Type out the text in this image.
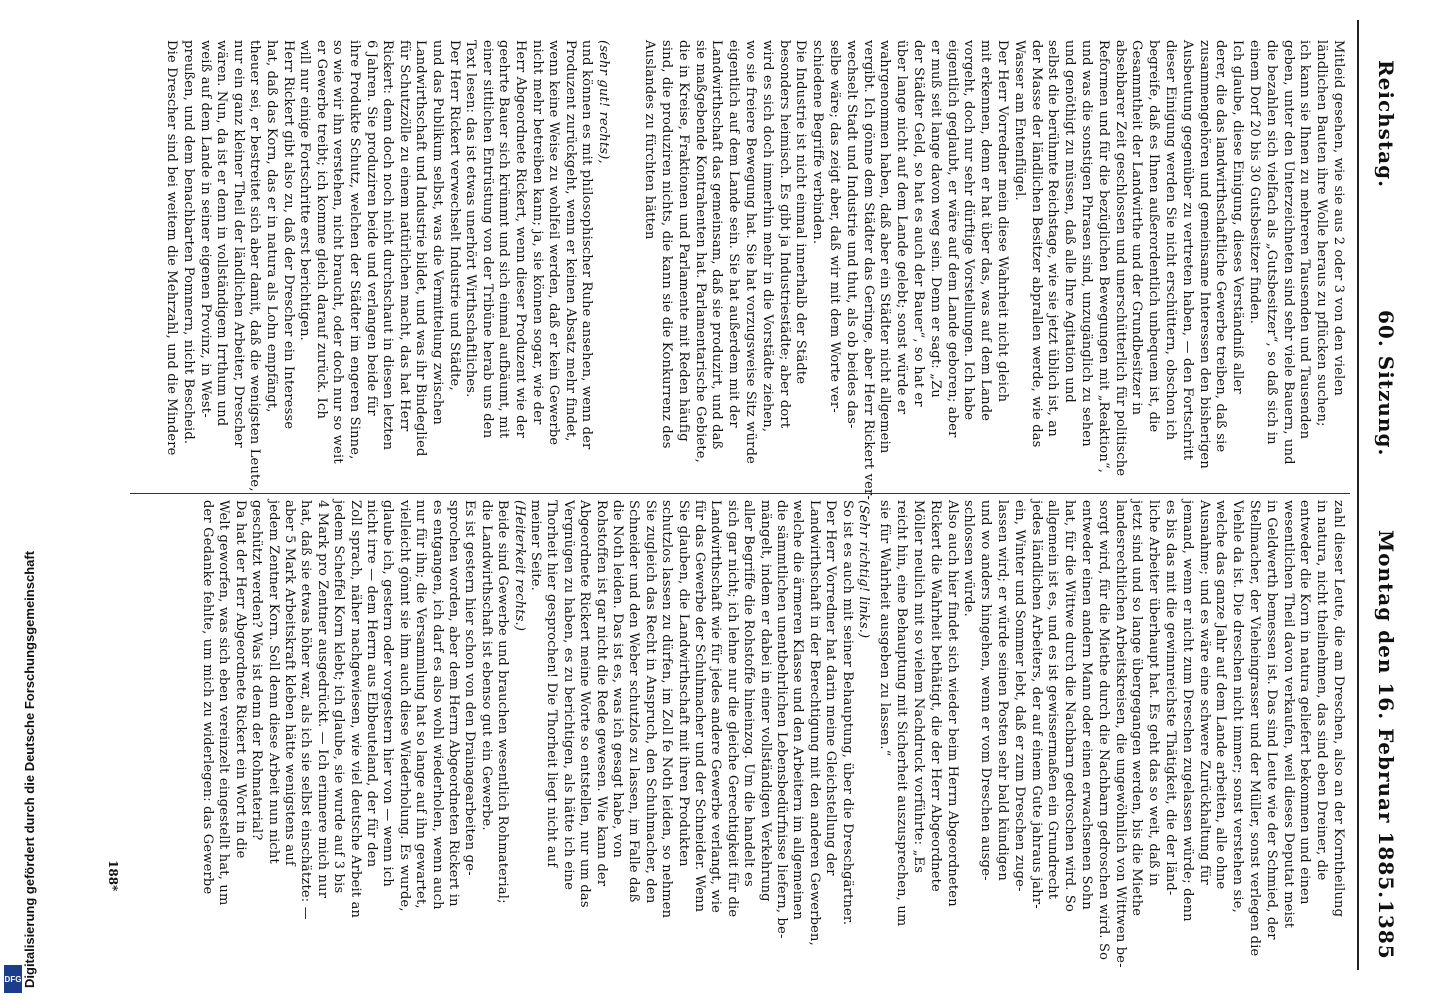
Reichstag.
60. Sitzung.
Montag den 16. Februar 1885.
1385
Mitleid gesehen, wie sie aus 2 oder 3 von den vielen
ländlichen Bauten ihre Wolle heraus zu pflücken suchen;
ich kann sie Ihnen zu mehreren Tausenden und Tausenden
geben, unter den Unterzeichneten sind sehr viele Bauern, und
die bezahlen sich vielfach als „Gutsbesitzer“, so daß sich in
einem Dorf 20 bis 30 Gutsbesitzer finden.
Ich glaube, diese Einigung, dieses Verständniß aller
derer, die das landwirthschaftliche Gewerbe treiben, daß sie
zusammengehören und gemeinsame Interessen den bisherigen
Ausbeutung gegenüber zu vertreten haben, — den Fortschritt
dieser Einigung werden Sie nicht erschüttern, obschon ich
begreife, daß es Ihnen außerordentlich unbequem ist, die
Gesammtheit der Landwirthe und der Grundbesitzer in
absehbarer Zeit geschlossen und unerschütterlich für politische
Reformen und für die bezüglichen Bewegungen mit „Reaktion“,
und was die sonstigen Phrasen sind, unzugänglich zu sehen
und genöthigt zu müssen, daß alle Ihre Agitation und
selbst die berühmte Reichstage, wie sie jetzt üblich ist, an
der Masse der ländlichen Besitzer abprallen werde, wie das
Wasser am Entenflügel.
Der Herr Vorredner mein diese Wahrheit nicht gleich
mit erkennen, denn er hat über das, was auf dem Lande
vorgeht, doch nur sehr dürftige Vorstellungen. Ich habe
eigentlich geglaubt, er wäre auf dem Lande geboren; aber
er muß seit lange davon weg sein. Denn er sagt: „Zu
der Städter Geld, so hat es auch der Bauer“, so hat er
über lange nicht auf dem Lande gelebt; sonst würde er
wahrgenommen haben, daß aber ein Städter nicht allgemein
vergibt. Ich gönne dem Städter das Geringe, aber Herr Rickert ver-
wechselt Stadt und Industrie und thut, als ob beides das-
selbe wäre; das zeigt aber, daß wir mit dem Worte ver-
schiedene Begriffe verbinden.
Die Industrie ist nicht einmal innerhalb der Städte
besonders heimisch. Es gibt ja Industriestädte; aber dort
wird es sich doch immerhin mehr in die Vorstädte ziehen,
wo sie freiere Bewegung hat. Sie hat vorzugsweise Sitz würde
eigentlich auf dem Lande sein. Sie hat außerdem mit der
Landwirthschaft das gemeinsam, daß sie produzirt, und daß
sie maßgebende Kontrahenten hat. Parlamentarische Gebiete,
die in Kreise, Fraktionen und Parlamente mit Reden häufig
sind, die produziren nichts, die kann sie die Konkurrenz des
Auslandes zu fürchten hätten
(sehr gut! rechts),
und können es mit philosophischer Ruhe ansehen, wenn der
Produzent zurückgeht, wenn er keinen Absatz mehr findet,
wenn keine Weise zu wohlfeil werden, daß er kein Gewerbe
nicht mehr betreiben kann; ja, sie können sogar, wie der
Herr Abgeordnete Rickert, wenn dieser Produzent wie der
geehrte Bauer sich krümmt und sich einmal aufbäumt, mit
einer sittlichen Entrüstung von der Tribüne herab uns den
Text lesen: das ist etwas unerhört Wirthschaftliches.
Der Herr Rickert verwechselt Industrie und Städte,
und das Publikum selbst, was die Vermittelung zwischen
Landwirthschaft und Industrie bildet, und was ihr Bindeglied
für Schutzzölle zu einem natürlichen macht, das hat Herr
Rickert: denn doch noch nicht durchschaut in diesen letzten
6 Jahren. Sie produziren beide und verlangen beide für
ihre Produkte Schutz, welchen der Städter im engeren Sinne,
so wie wir ihn verstehen, nicht braucht, oder doch nur so weit
er Gewerbe treibt; ich komme gleich darauf zurück. Ich
will nur einige Fortschritte erst berichtigen.
Herr Rickert gibt also zu, daß der Drescher ein Interesse
hat, daß das Korn, das er in natura als Lohn empfängt,
theuer sei, er bestreitet sich aber damit, daß die wenigsten Leute,
nur ein ganz kleiner Theil der ländlichen Arbeiter, Drescher
wären. Nun, da ist er denn in vollständigem Irrthum und
weiß auf dem Lande in seiner eigenen Provinz, in West-
preußen, und dem benachbarten Pommern, nicht Bescheid.
Die Drescher sind bei weitem die Mehrzahl, und die Mindere
zahl dieser Leute, die am Dreschen, also an der Korntheilung
in natura, nicht theilnehmen, das sind eben Dreiner, die
entweder die Korn in natura geliefert bekommen und einen
wesentlichen Theil davon verkaufen, weil dieses Deputat meist
in Geldwerth bemessen ist. Das sind Leute wie der Schmied, der
Stellmacher, der Vieheingrasser und der Müller, sonst verlegen die
Viehle da ist. Die dreschen nicht immer; sonst verstehen sie,
welche das ganze Jahr auf dem Lande arbeiten, alle ohne
Ausnahme; und es wäre eine schwere Zurückhaltung für
jemand, wenn er nicht zum Dreschen zugelassen würde; denn
es bis das mit die gewinnreichste Thätigkeit, die der länd-
liche Arbeiter überhaupt hat. Es geht das so weit, daß in
jetzt sind und so lange übergegangen werden, bis die Miethe
landesrechtlichen Arbeitskreisen, die ungewöhnlich von Wittwen be-
sorgt wird, für die Miethe durch die Nachbarn gedroschen wird. So
entweder einen andern Mann oder einen erwachsenen Sohn
hat, für die Wittwe durch die Nachbarn gedroschen wird. So
allgemein ist es, und es ist gewissermaßen ein Grundrecht
jedes ländlichen Arbeiters, der auf einem Gute jahraus jahr-
ein, Winter und Sommer lebt, daß er zum Dreschen zuge-
lassen wird; er würde seinen Posten sehr bald kündigen
und wo anders hingehen, wenn er vom Dreschen ausge-
schlossen würde.
Also auch hier findet sich wieder beim Herrn Abgeordneten
Rickert die Wahrheit bethätigt, die der Herr Abgeordnete
Möller neulich mit so vielem Nachdruck vorführte: „Es
reicht hin, eine Behauptung mit Sicherheit auszusprechen, um
sie für Wahrheit ausgeben zu lassen.“
(Sehr richtig! links.)
So ist es auch mit seiner Behauptung, über die Dreschgärtner.
Der Herr Vorredner hat darin meine Gleichstellung der
Landwirthschaft in der Berechtigung mit den anderen Gewerben,
welche die ärmeren Klasse und den Arbeitern im allgemeinen
die sämmtlichen unentbehrlichen Lebensbedürfnisse liefern, be-
mängelt, indem er dabei in einer vollständigen Verkehrung
aller Begriffe die Rohstoffe hineinzog. Um die handelt es
sich gar nicht; ich lehne nur die gleiche Gerechtigkeit für die
Landwirthschaft wie für jedes andere Gewerbe verlangt, wie
für das Gewerbe der Schuhmacher und der Schneider. Wenn
Sie glauben, die Landwirthschaft mit ihren Produkten
schutzlos lassen zu dürfen, im Zoll fe Noth leiden, so nehmen
Sie zugleich das Recht in Anspruch, den Schuhmacher, den
Schneider und den Weber schutzlos zu lassen, im Falle daß
die Noth leiden. Das ist es, was ich gesagt habe, von
Rohstoffen ist gar nicht die Rede gewesen. Wie kann der
Abgeordnete Rickert meine Worte so entstellen, nur um das
Vergnügen zu haben, es zu berichtigen, als hätte ich eine
Thorheit hier gesprochen! Die Thorheit liegt nicht auf
meiner Seite.
(Heiterkeit rechts.)
Beide sind Gewerbe und brauchen wesentlich Rohmaterial;
die Landwirthschaft ist ebenso gut ein Gewerbe.
Es ist gestern hier schon von den Drainagearbeiten ge-
sprochen worden, aber dem Herrn Abgeordneten Rickert in
es entgangen, ich darf es also wohl wiederholen, wenn auch
nur für ihn; die Versammlung hat so lange auf ihn gewartet,
vielleicht gönnt sie ihm auch diese Wiederholung. Es wurde,
glaube ich, gestern oder vorgestern hier von — wenn ich
nicht irre — dem Herrn aus Elbbeuteland, der für den
Zoll sprach, näher nachgewiesen, wie viel deutsche Arbeit an
jedem Scheffel Korn klebt; ich glaube, sie wurde auf 3 bis
4 Mark pro Zentner ausgedrückt. — Ich erinnere mich nur
hat, daß sie etwas höher war, als ich sie selbst einschätzte: —
aber 5 Mark Arbeitskraft kleben hätte wenigstens auf
jedem Zentner Korn. Soll denn diese Arbeit nun nicht
geschützt werden? Was ist denn der Rohmaterial?
Da hat der Herr Abgeordnete Rickert ein Wort in die
Welt geworfen, was sich eben vereinzelt eingestellt hat, um
der Gedanke fehlte, um mich zu widerlegen: das Gewerbe
188*
DFG Digitalisierung gefördert durch die Deutsche Forschungsgemeinschaft
